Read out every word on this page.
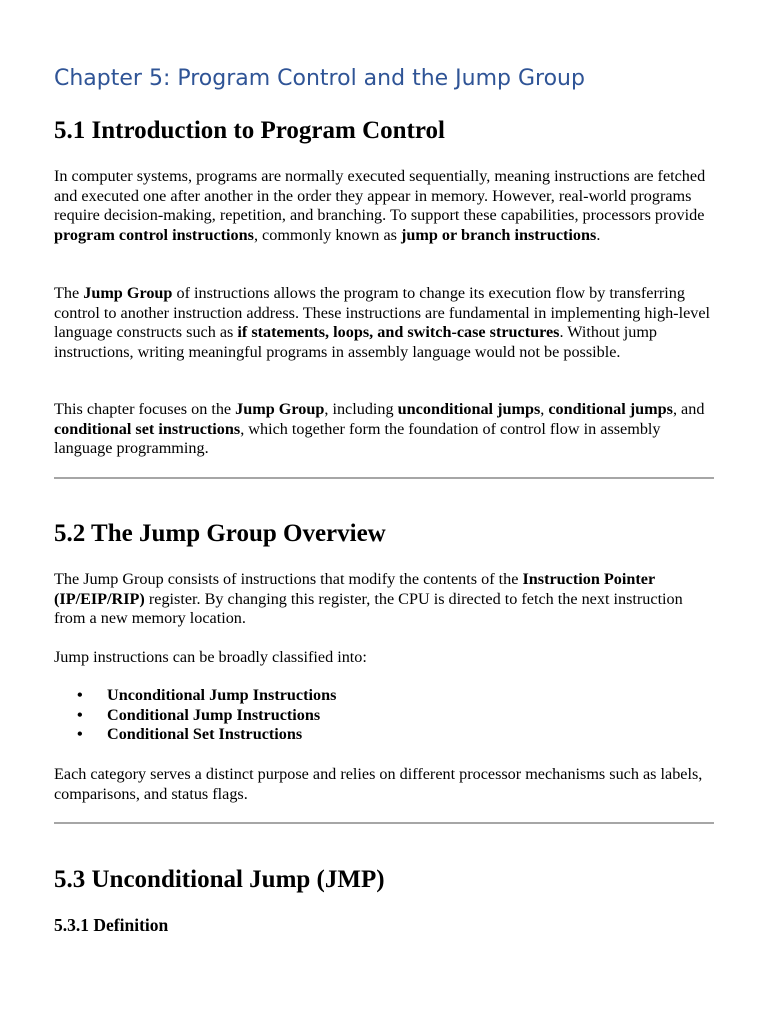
Chapter 5: Program Control and the Jump Group
5.1 Introduction to Program Control

In computer systems, programs are normally executed sequentially, meaning instructions are fetched and executed one after another in the order they appear in memory. However, real-world programs require decision-making, repetition, and branching. To support these capabilities, processors provide program control instructions, commonly known as jump or branch instructions.

The Jump Group of instructions allows the program to change its execution flow by transferring control to another instruction address. These instructions are fundamental in implementing high-level language constructs such as if statements, loops, and switch-case structures. Without jump instructions, writing meaningful programs in assembly language would not be possible.

This chapter focuses on the Jump Group, including unconditional jumps, conditional jumps, and conditional set instructions, which together form the foundation of control flow in assembly language programming.

5.2 The Jump Group Overview

The Jump Group consists of instructions that modify the contents of the Instruction Pointer (IP/EIP/RIP) register. By changing this register, the CPU is directed to fetch the next instruction from a new memory location.

Jump instructions can be broadly classified into:

• Unconditional Jump Instructions
• Conditional Jump Instructions
• Conditional Set Instructions

Each category serves a distinct purpose and relies on different processor mechanisms such as labels, comparisons, and status flags.

5.3 Unconditional Jump (JMP)
5.3.1 Definition
